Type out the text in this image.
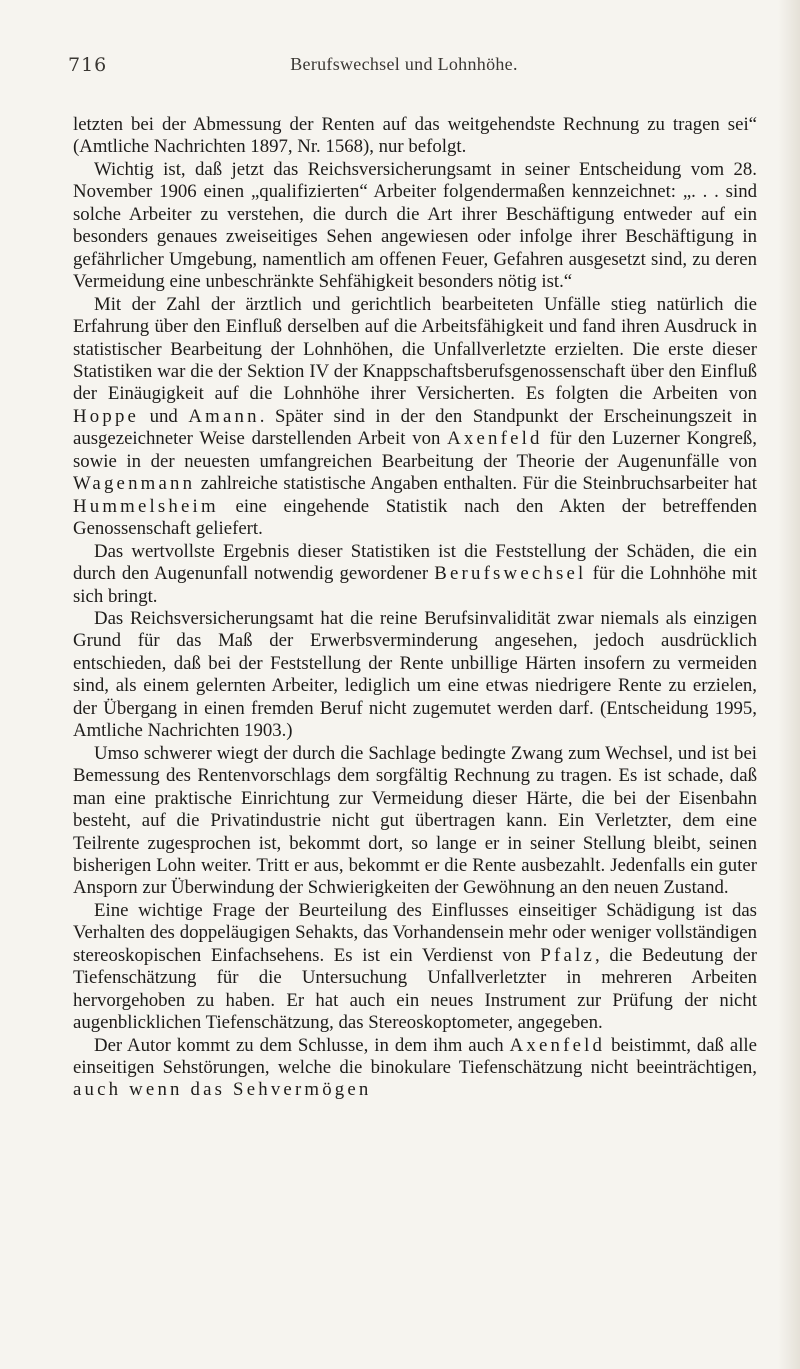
716	Berufswechsel und Lohnhöhe.

letzten bei der Abmessung der Renten auf das weitgehendste Rechnung zu tragen sei“ (Amtliche Nachrichten 1897, Nr. 1568), nur befolgt.

Wichtig ist, daß jetzt das Reichsversicherungsamt in seiner Entscheidung vom 28. November 1906 einen „qualifizierten“ Arbeiter folgendermaßen kennzeichnet: „. . . sind solche Arbeiter zu verstehen, die durch die Art ihrer Beschäftigung entweder auf ein besonders genaues zweiseitiges Sehen angewiesen oder infolge ihrer Beschäftigung in gefährlicher Umgebung, namentlich am offenen Feuer, Gefahren ausgesetzt sind, zu deren Vermeidung eine unbeschränkte Sehfähigkeit besonders nötig ist.“

Mit der Zahl der ärztlich und gerichtlich bearbeiteten Unfälle stieg natürlich die Erfahrung über den Einfluß derselben auf die Arbeitsfähigkeit und fand ihren Ausdruck in statistischer Bearbeitung der Lohnhöhen, die Unfallverletzte erzielten. Die erste dieser Statistiken war die der Sektion IV der Knappschaftsberufsgenossenschaft über den Einfluß der Einäugigkeit auf die Lohnhöhe ihrer Versicherten. Es folgten die Arbeiten von Hoppe und Amann. Später sind in der den Standpunkt der Erscheinungszeit in ausgezeichneter Weise darstellenden Arbeit von Axenfeld für den Luzerner Kongreß, sowie in der neuesten umfangreichen Bearbeitung der Theorie der Augenunfälle von Wagenmann zahlreiche statistische Angaben enthalten. Für die Steinbruchsarbeiter hat Hummelsheim eine eingehende Statistik nach den Akten der betreffenden Genossenschaft geliefert.

Das wertvollste Ergebnis dieser Statistiken ist die Feststellung der Schäden, die ein durch den Augenunfall notwendig gewordener Berufswechsel für die Lohnhöhe mit sich bringt.

Das Reichsversicherungsamt hat die reine Berufsinvalidität zwar niemals als einzigen Grund für das Maß der Erwerbsverminderung angesehen, jedoch ausdrücklich entschieden, daß bei der Feststellung der Rente unbillige Härten insofern zu vermeiden sind, als einem gelernten Arbeiter, lediglich um eine etwas niedrigere Rente zu erzielen, der Übergang in einen fremden Beruf nicht zugemutet werden darf. (Entscheidung 1995, Amtliche Nachrichten 1903.)

Umso schwerer wiegt der durch die Sachlage bedingte Zwang zum Wechsel, und ist bei Bemessung des Rentenvorschlags dem sorgfältig Rechnung zu tragen. Es ist schade, daß man eine praktische Einrichtung zur Vermeidung dieser Härte, die bei der Eisenbahn besteht, auf die Privatindustrie nicht gut übertragen kann. Ein Verletzter, dem eine Teilrente zugesprochen ist, bekommt dort, so lange er in seiner Stellung bleibt, seinen bisherigen Lohn weiter. Tritt er aus, bekommt er die Rente ausbezahlt. Jedenfalls ein guter Ansporn zur Überwindung der Schwierigkeiten der Gewöhnung an den neuen Zustand.

Eine wichtige Frage der Beurteilung des Einflusses einseitiger Schädigung ist das Verhalten des doppeläugigen Sehakts, das Vorhandensein mehr oder weniger vollständigen stereoskopischen Einfachsehens. Es ist ein Verdienst von Pfalz, die Bedeutung der Tiefenschätzung für die Untersuchung Unfallverletzter in mehreren Arbeiten hervorgehoben zu haben. Er hat auch ein neues Instrument zur Prüfung der nicht augenblicklichen Tiefenschätzung, das Stereoskoptometer, angegeben.

Der Autor kommt zu dem Schlusse, in dem ihm auch Axenfeld beistimmt, daß alle einseitigen Sehstörungen, welche die binokulare Tiefenschätzung nicht beeinträchtigen, auch wenn das Sehvermögen
